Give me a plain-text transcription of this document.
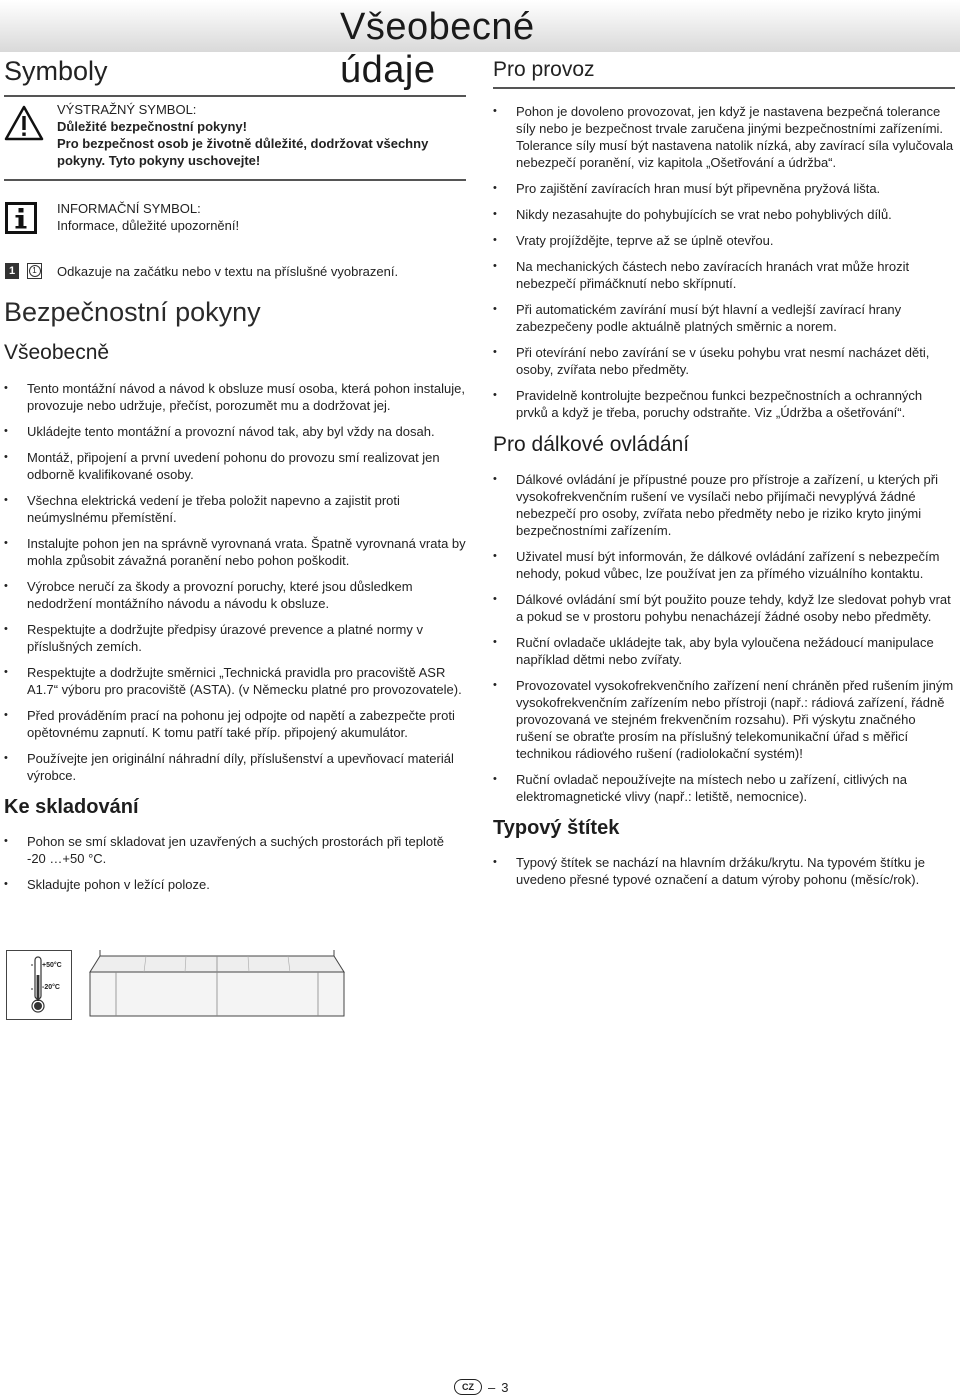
Všeobecné údaje
Symboly
VÝSTRAŽNÝ SYMBOL:
Důležité bezpečnostní pokyny!
Pro bezpečnost osob je životně důležité, dodržovat všechny
pokyny. Tyto pokyny uschovejte!
INFORMAČNÍ SYMBOL:
Informace, důležité upozornění!
1	1 Odkazuje na začátku nebo v textu na příslušné vyobrazení.
Bezpečnostní pokyny
Všeobecně
• Tento montážní návod a návod k obsluze musí osoba, která pohon instaluje, provozuje nebo udržuje, přečíst, porozumět mu a dodržovat jej.
• Ukládejte tento montážní a provozní návod tak, aby byl vždy na dosah.
• Montáž, připojení a první uvedení pohonu do provozu smí realizovat jen odborně kvalifikované osoby.
• Všechna elektrická vedení je třeba položit napevno a zajistit proti neúmyslnému přemístění.
• Instalujte pohon jen na správně vyrovnaná vrata. Špatně vyrovnaná vrata by mohla způsobit závažná poranění nebo pohon poškodit.
• Výrobce neručí za škody a provozní poruchy, které jsou důsledkem nedodržení montážního návodu a návodu k obsluze.
• Respektujte a dodržujte předpisy úrazové prevence a platné normy v příslušných zemích.
• Respektujte a dodržujte směrnici „Technická pravidla pro pracoviště ASR A1.7“ výboru pro pracoviště (ASTA). (v Německu platné pro provozovatele).
• Před prováděním prací na pohonu jej odpojte od napětí a zabezpečte proti opětovnému zapnutí. K tomu patří také příp. připojený akumulátor.
• Používejte jen originální náhradní díly, příslušenství a upevňovací materiál výrobce.
Ke skladování
• Pohon se smí skladovat jen uzavřených a suchých prostorách při teplotě -20 …+50 °C.
• Skladujte pohon v ležící poloze.
+50°C
-20°C
Pro provoz
• Pohon je dovoleno provozovat, jen když je nastavena bezpečná tolerance síly nebo je bezpečnost trvale zaručena jinými bezpečnostními zařízeními. Tolerance síly musí být nastavena natolik nízká, aby zavírací síla vylučovala nebezpečí poranění, viz kapitola „Ošetřování a údržba“.
• Pro zajištění zavíracích hran musí být připevněna pryžová lišta.
• Nikdy nezasahujte do pohybujících se vrat nebo pohyblivých dílů.
• Vraty projíždějte, teprve až se úplně otevřou.
• Na mechanických částech nebo zavíracích hranách vrat může hrozit nebezpečí přimáčknutí nebo skřípnutí.
• Při automatickém zavírání musí být hlavní a vedlejší zavírací hrany zabezpečeny podle aktuálně platných směrnic a norem.
• Při otevírání nebo zavírání se v úseku pohybu vrat nesmí nacházet děti, osoby, zvířata nebo předměty.
• Pravidelně kontrolujte bezpečnou funkci bezpečnostních a ochranných prvků a když je třeba, poruchy odstraňte. Viz „Údržba a ošetřování“.
Pro dálkové ovládání
• Dálkové ovládání je přípustné pouze pro přístroje a zařízení, u kterých při vysokofrekvenčním rušení ve vysílači nebo přijímači nevyplývá žádné nebezpečí pro osoby, zvířata nebo předměty nebo je riziko kryto jinými bezpečnostními zařízením.
• Uživatel musí být informován, že dálkové ovládání zařízení s nebezpečím nehody, pokud vůbec, lze používat jen za přímého vizuálního kontaktu.
• Dálkové ovládání smí být použito pouze tehdy, když lze sledovat pohyb vrat a pokud se v prostoru pohybu nenacházejí žádné osoby nebo předměty.
• Ruční ovladače ukládejte tak, aby byla vyloučena nežádoucí manipulace například dětmi nebo zvířaty.
• Provozovatel vysokofrekvenčního zařízení není chráněn před rušením jiným vysokofrekvenčním zařízením nebo přístroji (např.: rádiová zařízení, řádně provozovaná ve stejném frekvenčním rozsahu). Při výskytu značného rušení se obraťte prosím na příslušný telekomunikační úřad s měřicí technikou rádiového rušení (radiolokační systém)!
• Ruční ovladač nepoužívejte na místech nebo u zařízení, citlivých na elektromagnetické vlivy (např.: letiště, nemocnice).
Typový štítek
• Typový štítek se nachází na hlavním držáku/krytu. Na typovém štítku je uvedeno přesné typové označení a datum výroby pohonu (měsíc/rok).
CZ	– 3
